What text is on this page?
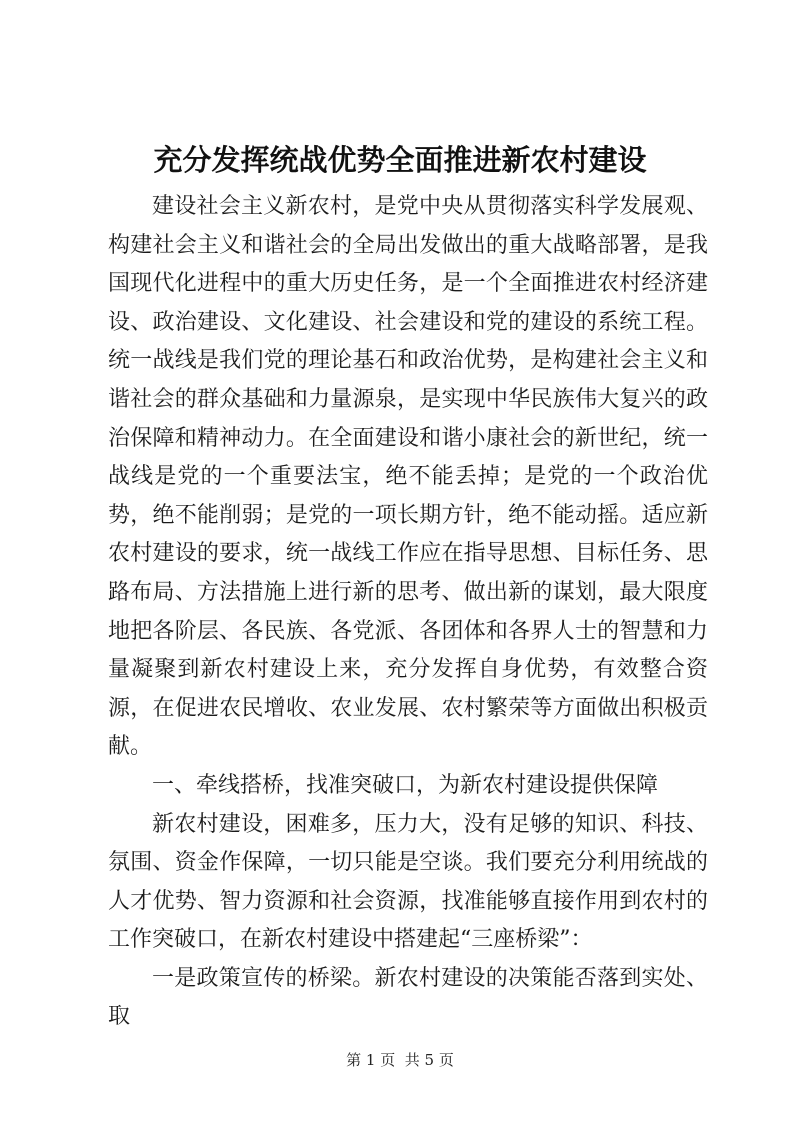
充分发挥统战优势全面推进新农村建设

建设社会主义新农村，是党中央从贯彻落实科学发展观、构建社会主义和谐社会的全局出发做出的重大战略部署，是我国现代化进程中的重大历史任务，是一个全面推进农村经济建设、政治建设、文化建设、社会建设和党的建设的系统工程。统一战线是我们党的理论基石和政治优势，是构建社会主义和谐社会的群众基础和力量源泉，是实现中华民族伟大复兴的政治保障和精神动力。在全面建设和谐小康社会的新世纪，统一战线是党的一个重要法宝，绝不能丢掉；是党的一个政治优势，绝不能削弱；是党的一项长期方针，绝不能动摇。适应新农村建设的要求，统一战线工作应在指导思想、目标任务、思路布局、方法措施上进行新的思考、做出新的谋划，最大限度地把各阶层、各民族、各党派、各团体和各界人士的智慧和力量凝聚到新农村建设上来，充分发挥自身优势，有效整合资源，在促进农民增收、农业发展、农村繁荣等方面做出积极贡献。

一、牵线搭桥，找准突破口，为新农村建设提供保障

新农村建设，困难多，压力大，没有足够的知识、科技、氛围、资金作保障，一切只能是空谈。我们要充分利用统战的人才优势、智力资源和社会资源，找准能够直接作用到农村的工作突破口，在新农村建设中搭建起“三座桥梁”：

一是政策宣传的桥梁。新农村建设的决策能否落到实处、取

第 1 页  共 5 页
